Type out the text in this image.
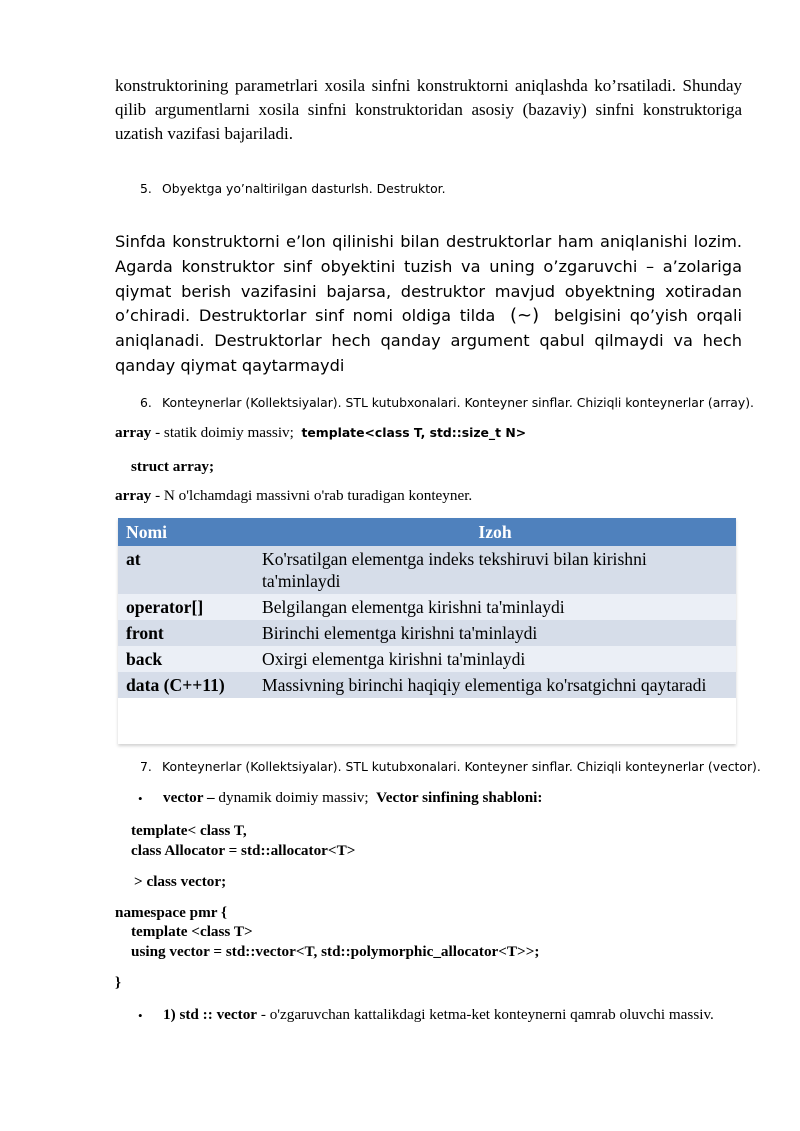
konstruktorining parametrlari xosila sinfni konstruktorni aniqlashda ko’rsatiladi. Shunday qilib argumentlarni xosila sinfni konstruktoridan asosiy (bazaviy) sinfni konstruktoriga uzatish vazifasi bajariladi.

5. Obyektga yo’naltirilgan dasturlsh. Destruktor.

Sinfda konstruktorni e’lon qilinishi bilan destruktorlar ham aniqlanishi lozim. Agarda konstruktor sinf obyektini tuzish va uning o’zgaruvchi – a’zolariga qiymat berish vazifasini bajarsa, destruktor mavjud obyektning xotiradan o’chiradi. Destruktorlar sinf nomi oldiga tilda (~) belgisini qo’yish orqali aniqlanadi. Destruktorlar hech qanday argument qabul qilmaydi va hech qanday qiymat qaytarmaydi

6. Konteynerlar (Kollektsiyalar). STL kutubxonalari. Konteyner sinflar. Chiziqli konteynerlar (array).
array - statik doimiy massiv; template<class T, std::size_t N>
struct array;
array - N o'lchamdagi massivni o'rab turadigan konteyner.
Nomi	Izoh
at	Ko'rsatilgan elementga indeks tekshiruvi bilan kirishni ta'minlaydi
operator[]	Belgilangan elementga kirishni ta'minlaydi
front	Birinchi elementga kirishni ta'minlaydi
back	Oxirgi elementga kirishni ta'minlaydi
data (C++11)	Massivning birinchi haqiqiy elementiga ko'rsatgichni qaytaradi
7. Konteynerlar (Kollektsiyalar). STL kutubxonalari. Konteyner sinflar. Chiziqli konteynerlar (vector).
• vector – dynamik doimiy massiv; Vector sinfining shabloni:
template< class T,
class Allocator = std::allocator<T>
> class vector;
namespace pmr {
template <class T>
using vector = std::vector<T, std::polymorphic_allocator<T>>;
}
• 1) std :: vector - o'zgaruvchan kattalikdagi ketma-ket konteynerni qamrab oluvchi massiv.
